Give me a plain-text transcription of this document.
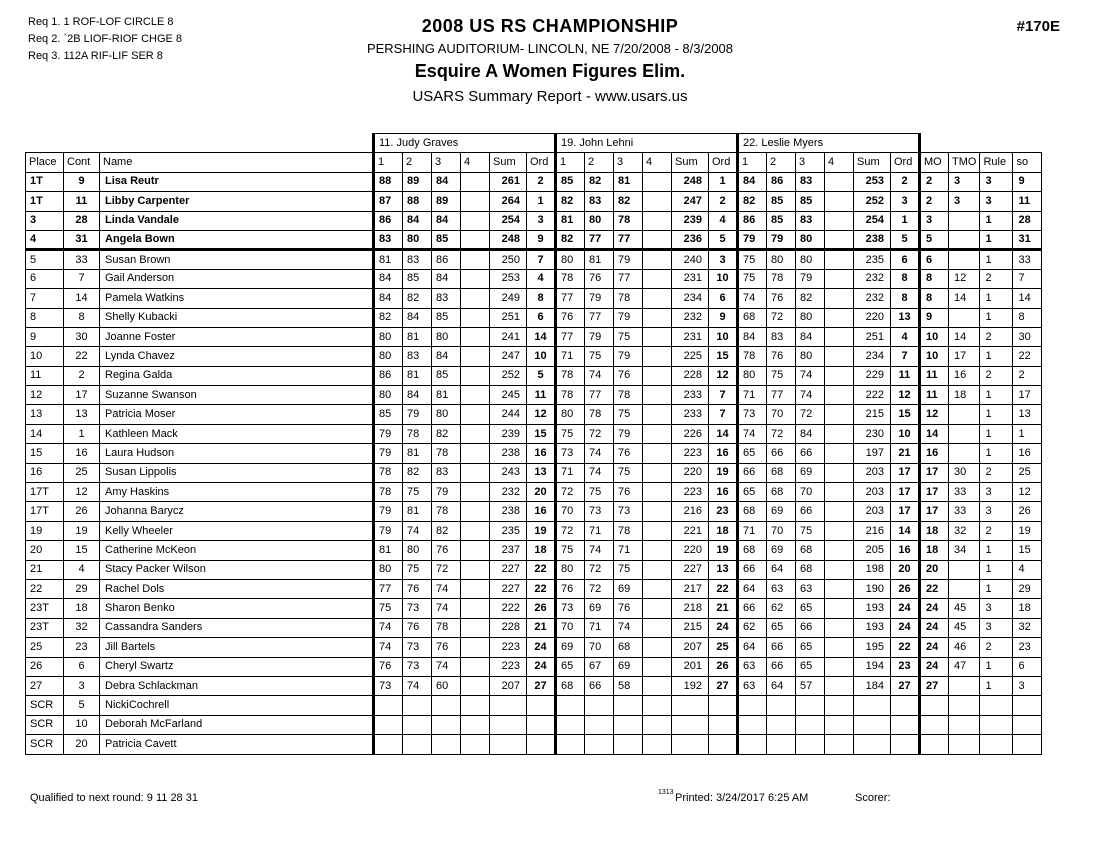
Req 1. 1 ROF-LOF CIRCLE 8
Req 2. `2B LIOF-RIOF CHGE 8
Req 3. 112A RIF-LIF SER 8
#170E
2008 US RS CHAMPIONSHIP
PERSHING AUDITORIUM- LINCOLN, NE 7/20/2008 - 8/3/2008
Esquire A Women Figures Elim.
USARS Summary Report - www.usars.us
			11. Judy Graves						19. John Lehni						22. Leslie Myers									
Place	Cont	Name	1	2	3	4	Sum	Ord	1	2	3	4	Sum	Ord	1	2	3	4	Sum	Ord	MO	TMO	Rule	so
1T	9	Lisa Reutr	88	89	84		261	2	85	82	81		248	1	84	86	83		253	2	2	3	3	9
1T	11	Libby Carpenter	87	88	89		264	1	82	83	82		247	2	82	85	85		252	3	2	3	3	11
3	28	Linda Vandale	86	84	84		254	3	81	80	78		239	4	86	85	83		254	1	3		1	28
4	31	Angela Bown	83	80	85		248	9	82	77	77		236	5	79	79	80		238	5	5		1	31
5	33	Susan Brown	81	83	86		250	7	80	81	79		240	3	75	80	80		235	6	6		1	33
6	7	Gail Anderson	84	85	84		253	4	78	76	77		231	10	75	78	79		232	8	8	12	2	7
7	14	Pamela Watkins	84	82	83		249	8	77	79	78		234	6	74	76	82		232	8	8	14	1	14
8	8	Shelly Kubacki	82	84	85		251	6	76	77	79		232	9	68	72	80		220	13	9		1	8
9	30	Joanne Foster	80	81	80		241	14	77	79	75		231	10	84	83	84		251	4	10	14	2	30
10	22	Lynda Chavez	80	83	84		247	10	71	75	79		225	15	78	76	80		234	7	10	17	1	22
11	2	Regina Galda	86	81	85		252	5	78	74	76		228	12	80	75	74		229	11	11	16	2	2
12	17	Suzanne Swanson	80	84	81		245	11	78	77	78		233	7	71	77	74		222	12	11	18	1	17
13	13	Patricia Moser	85	79	80		244	12	80	78	75		233	7	73	70	72		215	15	12		1	13
14	1	Kathleen Mack	79	78	82		239	15	75	72	79		226	14	74	72	84		230	10	14		1	1
15	16	Laura Hudson	79	81	78		238	16	73	74	76		223	16	65	66	66		197	21	16		1	16
16	25	Susan Lippolis	78	82	83		243	13	71	74	75		220	19	66	68	69		203	17	17	30	2	25
17T	12	Amy Haskins	78	75	79		232	20	72	75	76		223	16	65	68	70		203	17	17	33	3	12
17T	26	Johanna Barycz	79	81	78		238	16	70	73	73		216	23	68	69	66		203	17	17	33	3	26
19	19	Kelly Wheeler	79	74	82		235	19	72	71	78		221	18	71	70	75		216	14	18	32	2	19
20	15	Catherine McKeon	81	80	76		237	18	75	74	71		220	19	68	69	68		205	16	18	34	1	15
21	4	Stacy Packer Wilson	80	75	72		227	22	80	72	75		227	13	66	64	68		198	20	20		1	4
22	29	Rachel Dols	77	76	74		227	22	76	72	69		217	22	64	63	63		190	26	22		1	29
23T	18	Sharon Benko	75	73	74		222	26	73	69	76		218	21	66	62	65		193	24	24	45	3	18
23T	32	Cassandra Sanders	74	76	78		228	21	70	71	74		215	24	62	65	66		193	24	24	45	3	32
25	23	Jill Bartels	74	73	76		223	24	69	70	68		207	25	64	66	65		195	22	24	46	2	23
26	6	Cheryl Swartz	76	73	74		223	24	65	67	69		201	26	63	66	65		194	23	24	47	1	6
27	3	Debra Schlackman	73	74	60		207	27	68	66	58		192	27	63	64	57		184	27	27		1	3
SCR	5	NickiCochrell																						
SCR	10	Deborah McFarland																						
SCR	20	Patricia Cavett																						
Qualified to next round: 9 11 28 31	1313 Printed: 3/24/2017 6:25 AM	Scorer:
